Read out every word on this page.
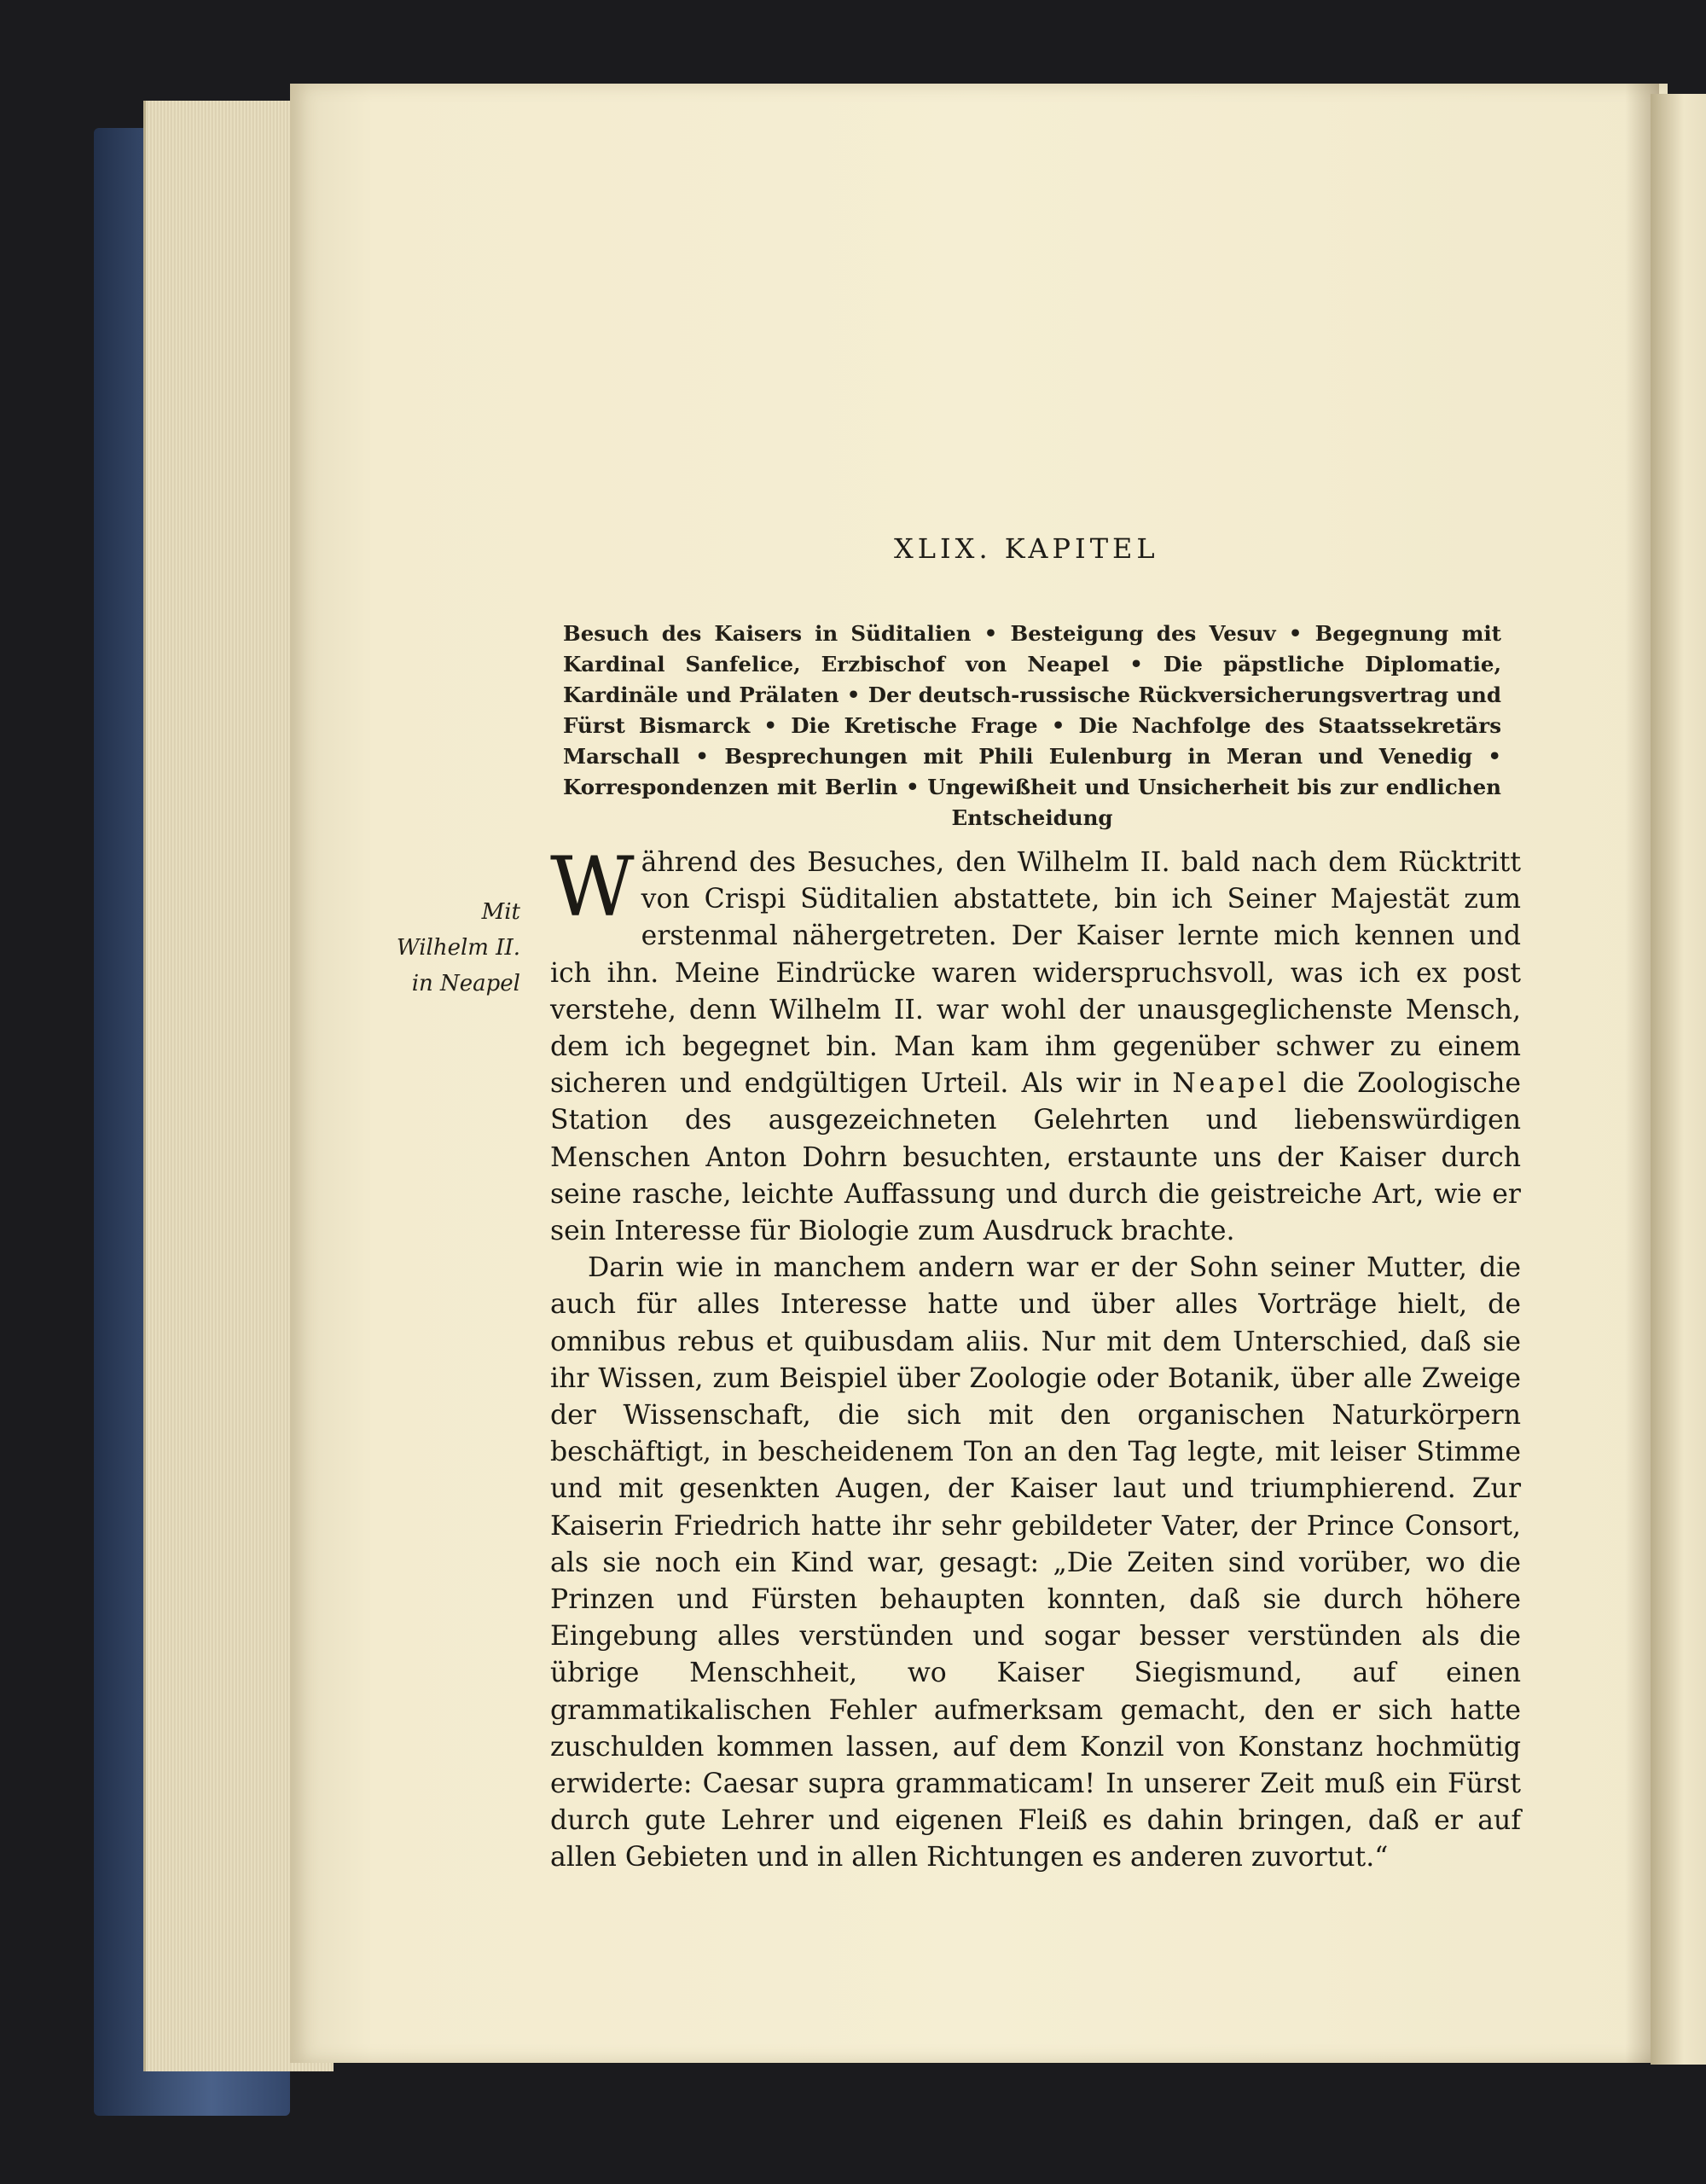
XLIX. KAPITEL
Besuch des Kaisers in Süditalien • Besteigung des Vesuv • Begegnung mit Kardinal Sanfelice, Erzbischof von Neapel • Die päpstliche Diplomatie, Kardinäle und Prälaten • Der deutsch-russische Rückversicherungsvertrag und Fürst Bismarck • Die Kretische Frage • Die Nachfolge des Staatssekretärs Marschall • Besprechungen mit Phili Eulenburg in Meran und Venedig • Korrespondenzen mit Berlin • Ungewißheit und Unsicherheit bis zur endlichen Entscheidung
Mit
Wilhelm II.
in Neapel

Während des Besuches, den Wilhelm II. bald nach dem Rücktritt von Crispi Süditalien abstattete, bin ich Seiner Majestät zum erstenmal nähergetreten. Der Kaiser lernte mich kennen und ich ihn. Meine Eindrücke waren widerspruchsvoll, was ich ex post verstehe, denn Wilhelm II. war wohl der unausgeglichenste Mensch, dem ich begegnet bin. Man kam ihm gegenüber schwer zu einem sicheren und endgültigen Urteil. Als wir in Neapel die Zoologische Station des ausgezeichneten Gelehrten und liebenswürdigen Menschen Anton Dohrn besuchten, erstaunte uns der Kaiser durch seine rasche, leichte Auffassung und durch die geistreiche Art, wie er sein Interesse für Biologie zum Ausdruck brachte.

Darin wie in manchem andern war er der Sohn seiner Mutter, die auch für alles Interesse hatte und über alles Vorträge hielt, de omnibus rebus et quibusdam aliis. Nur mit dem Unterschied, daß sie ihr Wissen, zum Beispiel über Zoologie oder Botanik, über alle Zweige der Wissenschaft, die sich mit den organischen Naturkörpern beschäftigt, in bescheidenem Ton an den Tag legte, mit leiser Stimme und mit gesenkten Augen, der Kaiser laut und triumphierend. Zur Kaiserin Friedrich hatte ihr sehr gebildeter Vater, der Prince Consort, als sie noch ein Kind war, gesagt: „Die Zeiten sind vorüber, wo die Prinzen und Fürsten behaupten konnten, daß sie durch höhere Eingebung alles verstünden und sogar besser verstünden als die übrige Menschheit, wo Kaiser Siegismund, auf einen grammatikalischen Fehler aufmerksam gemacht, den er sich hatte zuschulden kommen lassen, auf dem Konzil von Konstanz hochmütig erwiderte: Caesar supra grammaticam! In unserer Zeit muß ein Fürst durch gute Lehrer und eigenen Fleiß es dahin bringen, daß er auf allen Gebieten und in allen Richtungen es anderen zuvortut.“
